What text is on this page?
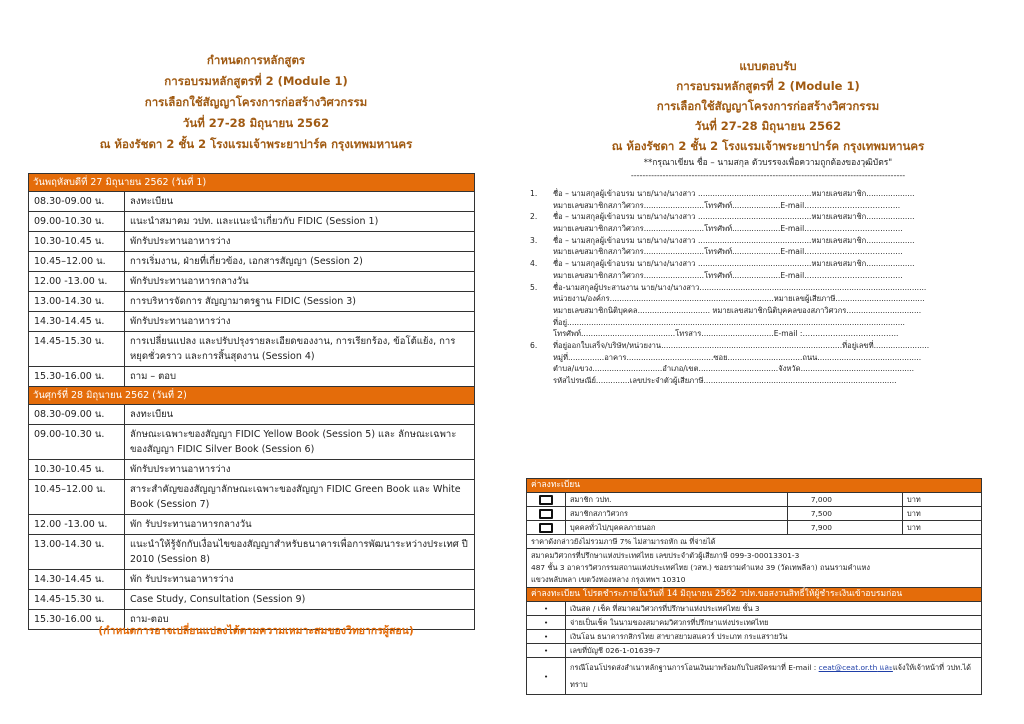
กำหนดการหลักสูตร
การอบรมหลักสูตรที่ 2 (Module 1)
การเลือกใช้สัญญาโครงการก่อสร้างวิศวกรรม
วันที่ 27-28 มิถุนายน 2562
ณ ห้องรัชดา 2 ชั้น 2 โรงแรมเจ้าพระยาปาร์ค กรุงเทพมหานคร
วันพฤหัสบดีที่ 27 มิถุนายน 2562 (วันที่ 1)	
08.30-09.00 น.	ลงทะเบียน
09.00-10.30 น.	แนะนำสมาคม วปท. และแนะนำเกี่ยวกับ FIDIC (Session 1)
10.30-10.45 น.	พักรับประทานอาหารว่าง
10.45–12.00 น.	การเริ่มงาน, ฝ่ายที่เกี่ยวข้อง, เอกสารสัญญา (Session 2)
12.00 -13.00 น.	พักรับประทานอาหารกลางวัน
13.00-14.30 น.	การบริหารจัดการ สัญญามาตรฐาน FIDIC (Session 3)
14.30-14.45 น.	พักรับประทานอาหารว่าง
14.45-15.30 น.	การเปลี่ยนแปลง และปรับปรุงรายละเอียดของงาน, การเรียกร้อง, ข้อโต้แย้ง, การหยุดชั่วคราว และการสิ้นสุดงาน (Session 4)
15.30-16.00 น.	ถาม – ตอบ
วันศุกร์ที่ 28 มิถุนายน 2562 (วันที่ 2)	
08.30-09.00 น.	ลงทะเบียน
09.00-10.30 น.	ลักษณะเฉพาะของสัญญา FIDIC Yellow Book (Session 5) และ ลักษณะเฉพาะของสัญญา FIDIC Silver Book (Session 6)
10.30-10.45 น.	พักรับประทานอาหารว่าง
10.45–12.00 น.	สาระสำคัญของสัญญาลักษณะเฉพาะของสัญญา FIDIC Green Book และ White Book (Session 7)
12.00 -13.00 น.	พัก รับประทานอาหารกลางวัน
13.00-14.30 น.	แนะนำให้รู้จักกับเงื่อนไขของสัญญาสำหรับธนาคารเพื่อการพัฒนาระหว่างประเทศ ปี 2010 (Session 8)
14.30-14.45 น.	พัก รับประทานอาหารว่าง
14.45-15.30 น.	Case Study, Consultation (Session 9)
15.30-16.00 น.	ถาม-ตอบ
(กำหนดการอาจเปลี่ยนแปลงได้ตามความเหมาะสมของวิทยากรผู้สอน)
แบบตอบรับ
การอบรมหลักสูตรที่ 2 (Module 1)
การเลือกใช้สัญญาโครงการก่อสร้างวิศวกรรม
วันที่ 27-28 มิถุนายน 2562
ณ ห้องรัชดา 2 ชั้น 2 โรงแรมเจ้าพระยาปาร์ค กรุงเทพมหานคร
**กรุณาเขียน ชื่อ – นามสกุล ตัวบรรจงเพื่อความถูกต้องของวุฒิบัตร"
-----------------------------------------------------------------------------------------------
1.	ชื่อ – นามสกุลผู้เข้าอบรม นาย/นาง/นางสาว ...............................................หมายเลขสมาชิก....................
หมายเลขสมาชิกสภาวิศวกร.........................โทรศัพท์....................E-mail………………………………..
2.	ชื่อ – นามสกุลผู้เข้าอบรม นาย/นาง/นางสาว ...............................................หมายเลขสมาชิก....................
หมายเลขสมาชิกสภาวิศวกร.........................โทรศัพท์....................E-mail…………………………………
3.	ชื่อ – นามสกุลผู้เข้าอบรม นาย/นาง/นางสาว ...............................................หมายเลขสมาชิก....................
หมายเลขสมาชิกสภาวิศวกร.........................โทรศัพท์....................E-mail…………………………………
4.	ชื่อ – นามสกุลผู้เข้าอบรม นาย/นาง/นางสาว ...............................................หมายเลขสมาชิก....................
หมายเลขสมาชิกสภาวิศวกร.........................โทรศัพท์....................E-mail…………………………………
5.	ชื่อ-นามสกุลผู้ประสานงาน นาย/นาง/นางสาว..............................................................................................
หน่วยงาน/องค์กร....................................................................หมายเลขผู้เสียภาษี.....................................
หมายเลขสมาชิกนิติบุคคล.............................. หมายเลขสมาชิกนิติบุคคลของสภาวิศวกร...............................
ที่อยู่............................................................................................................................................
โทรศัพท์.......................................โทรสาร..............................E-mail :………………………………..
6.	ที่อยู่ออกใบเสร็จ/บริษัท/หน่วยงาน...........................................................................ที่อยู่เลขที่.......................
หมู่ที่...............อาคาร....................................ซอย...............................ถนน...........................................
ตำบล/แขวง.............................อำเภอ/เขต.................................จังหวัด...............................................
รหัสไปรษณีย์..............เลขประจำตัวผู้เสียภาษี................................................................................
ค่าลงทะเบียน			
	สมาชิก วปท.	7,000	บาท
	สมาชิกสภาวิศวกร	7,500	บาท
	บุคคลทั่วไป/บุคคลภายนอก	7,900	บาท
ราคาดังกล่าวยังไม่รวมภาษี 7% ไม่สามารถหัก ณ ที่จ่ายได้			

สมาคมวิศวกรที่ปรึกษาแห่งประเทศไทย เลขประจำตัวผู้เสียภาษี 099-3-00013301-3
487 ชั้น 3 อาคารวิศวกรรมสถานแห่งประเทศไทย (วสท.) ซอยรามคำแหง 39 (วัดเทพลีลา) ถนนรามคำแหง
แขวงพลับพลา เขตวังทองหลาง กรุงเทพฯ 10310			

ค่าลงทะเบียน โปรดชำระภายในวันที่ 14 มิถุนายน 2562 วปท.ขอสงวนสิทธิ์ให้ผู้ชำระเงินเข้าอบรมก่อน			
•	เงินสด / เช็ค ที่สมาคมวิศวกรที่ปรึกษาแห่งประเทศไทย ชั้น 3		
•	จ่ายเป็นเช็ค ในนามของสมาคมวิศวกรที่ปรึกษาแห่งประเทศไทย		
•	เงินโอน ธนาคารกสิกรไทย สาขาสยามสแควร์ ประเภท กระแสรายวัน		
•	เลขที่บัญชี 026-1-01639-7		
•	กรณีโอนโปรดส่งสำเนาหลักฐานการโอนเงินมาพร้อมกับใบสมัครมาที่ E-mail : ceat@ceat.or.th และแจ้งให้เจ้าหน้าที่ วปท.ได้ทราบ		
